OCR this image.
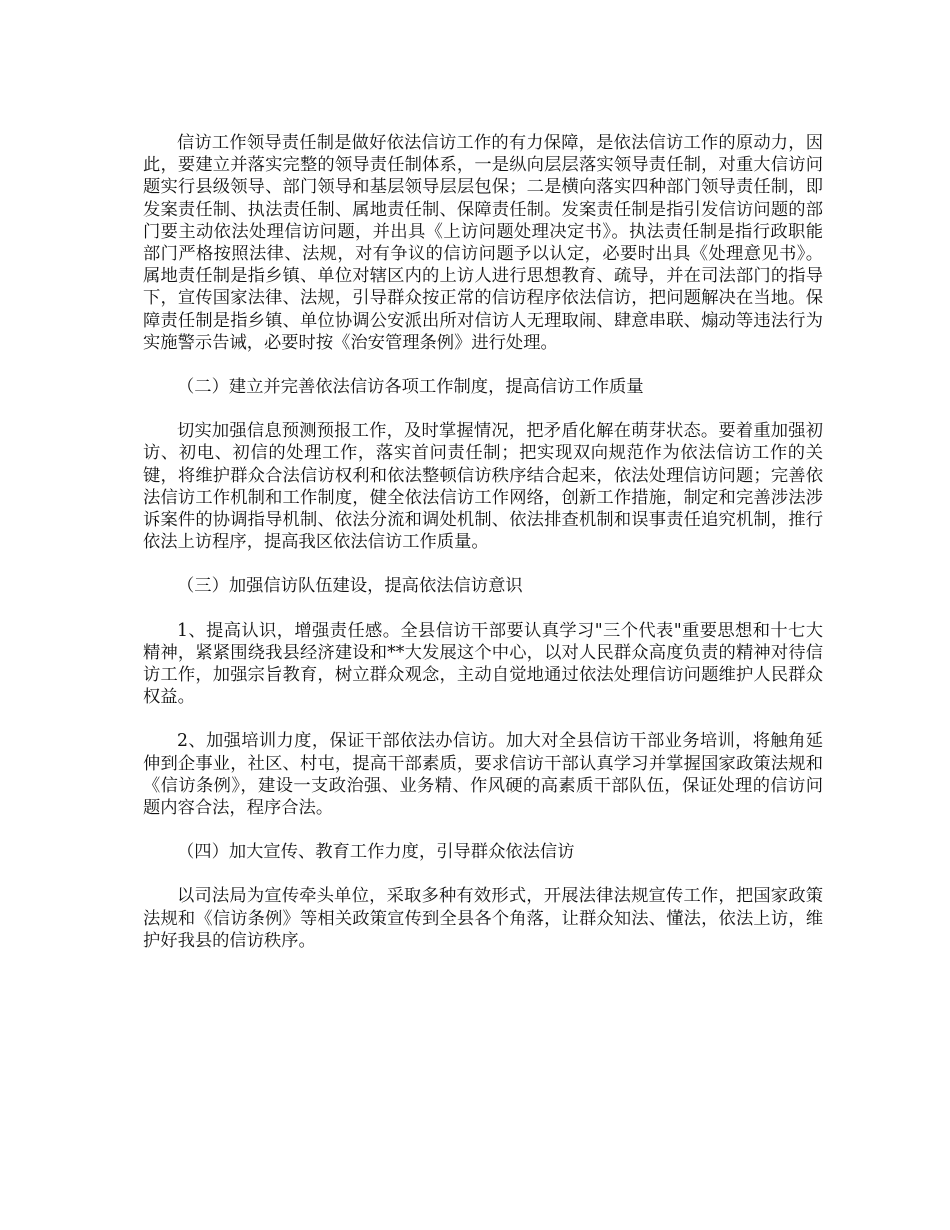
信访工作领导责任制是做好依法信访工作的有力保障，是依法信访工作的原动力，因此，要建立并落实完整的领导责任制体系，一是纵向层层落实领导责任制，对重大信访问题实行县级领导、部门领导和基层领导层层包保；二是横向落实四种部门领导责任制，即发案责任制、执法责任制、属地责任制、保障责任制。发案责任制是指引发信访问题的部门要主动依法处理信访问题，并出具《上访问题处理决定书》。执法责任制是指行政职能部门严格按照法律、法规，对有争议的信访问题予以认定，必要时出具《处理意见书》。属地责任制是指乡镇、单位对辖区内的上访人进行思想教育、疏导，并在司法部门的指导下，宣传国家法律、法规，引导群众按正常的信访程序依法信访，把问题解决在当地。保障责任制是指乡镇、单位协调公安派出所对信访人无理取闹、肆意串联、煽动等违法行为实施警示告诫，必要时按《治安管理条例》进行处理。

（二）建立并完善依法信访各项工作制度，提高信访工作质量

切实加强信息预测预报工作，及时掌握情况，把矛盾化解在萌芽状态。要着重加强初访、初电、初信的处理工作，落实首问责任制；把实现双向规范作为依法信访工作的关键，将维护群众合法信访权利和依法整顿信访秩序结合起来，依法处理信访问题；完善依法信访工作机制和工作制度，健全依法信访工作网络，创新工作措施，制定和完善涉法涉诉案件的协调指导机制、依法分流和调处机制、依法排查机制和误事责任追究机制，推行依法上访程序，提高我区依法信访工作质量。

（三）加强信访队伍建设，提高依法信访意识

1、提高认识，增强责任感。全县信访干部要认真学习"三个代表"重要思想和十七大精神，紧紧围绕我县经济建设和**大发展这个中心，以对人民群众高度负责的精神对待信访工作，加强宗旨教育，树立群众观念，主动自觉地通过依法处理信访问题维护人民群众权益。

2、加强培训力度，保证干部依法办信访。加大对全县信访干部业务培训，将触角延伸到企事业，社区、村屯，提高干部素质，要求信访干部认真学习并掌握国家政策法规和《信访条例》，建设一支政治强、业务精、作风硬的高素质干部队伍，保证处理的信访问题内容合法，程序合法。

（四）加大宣传、教育工作力度，引导群众依法信访

以司法局为宣传牵头单位，采取多种有效形式，开展法律法规宣传工作，把国家政策法规和《信访条例》等相关政策宣传到全县各个角落，让群众知法、懂法，依法上访，维护好我县的信访秩序。
